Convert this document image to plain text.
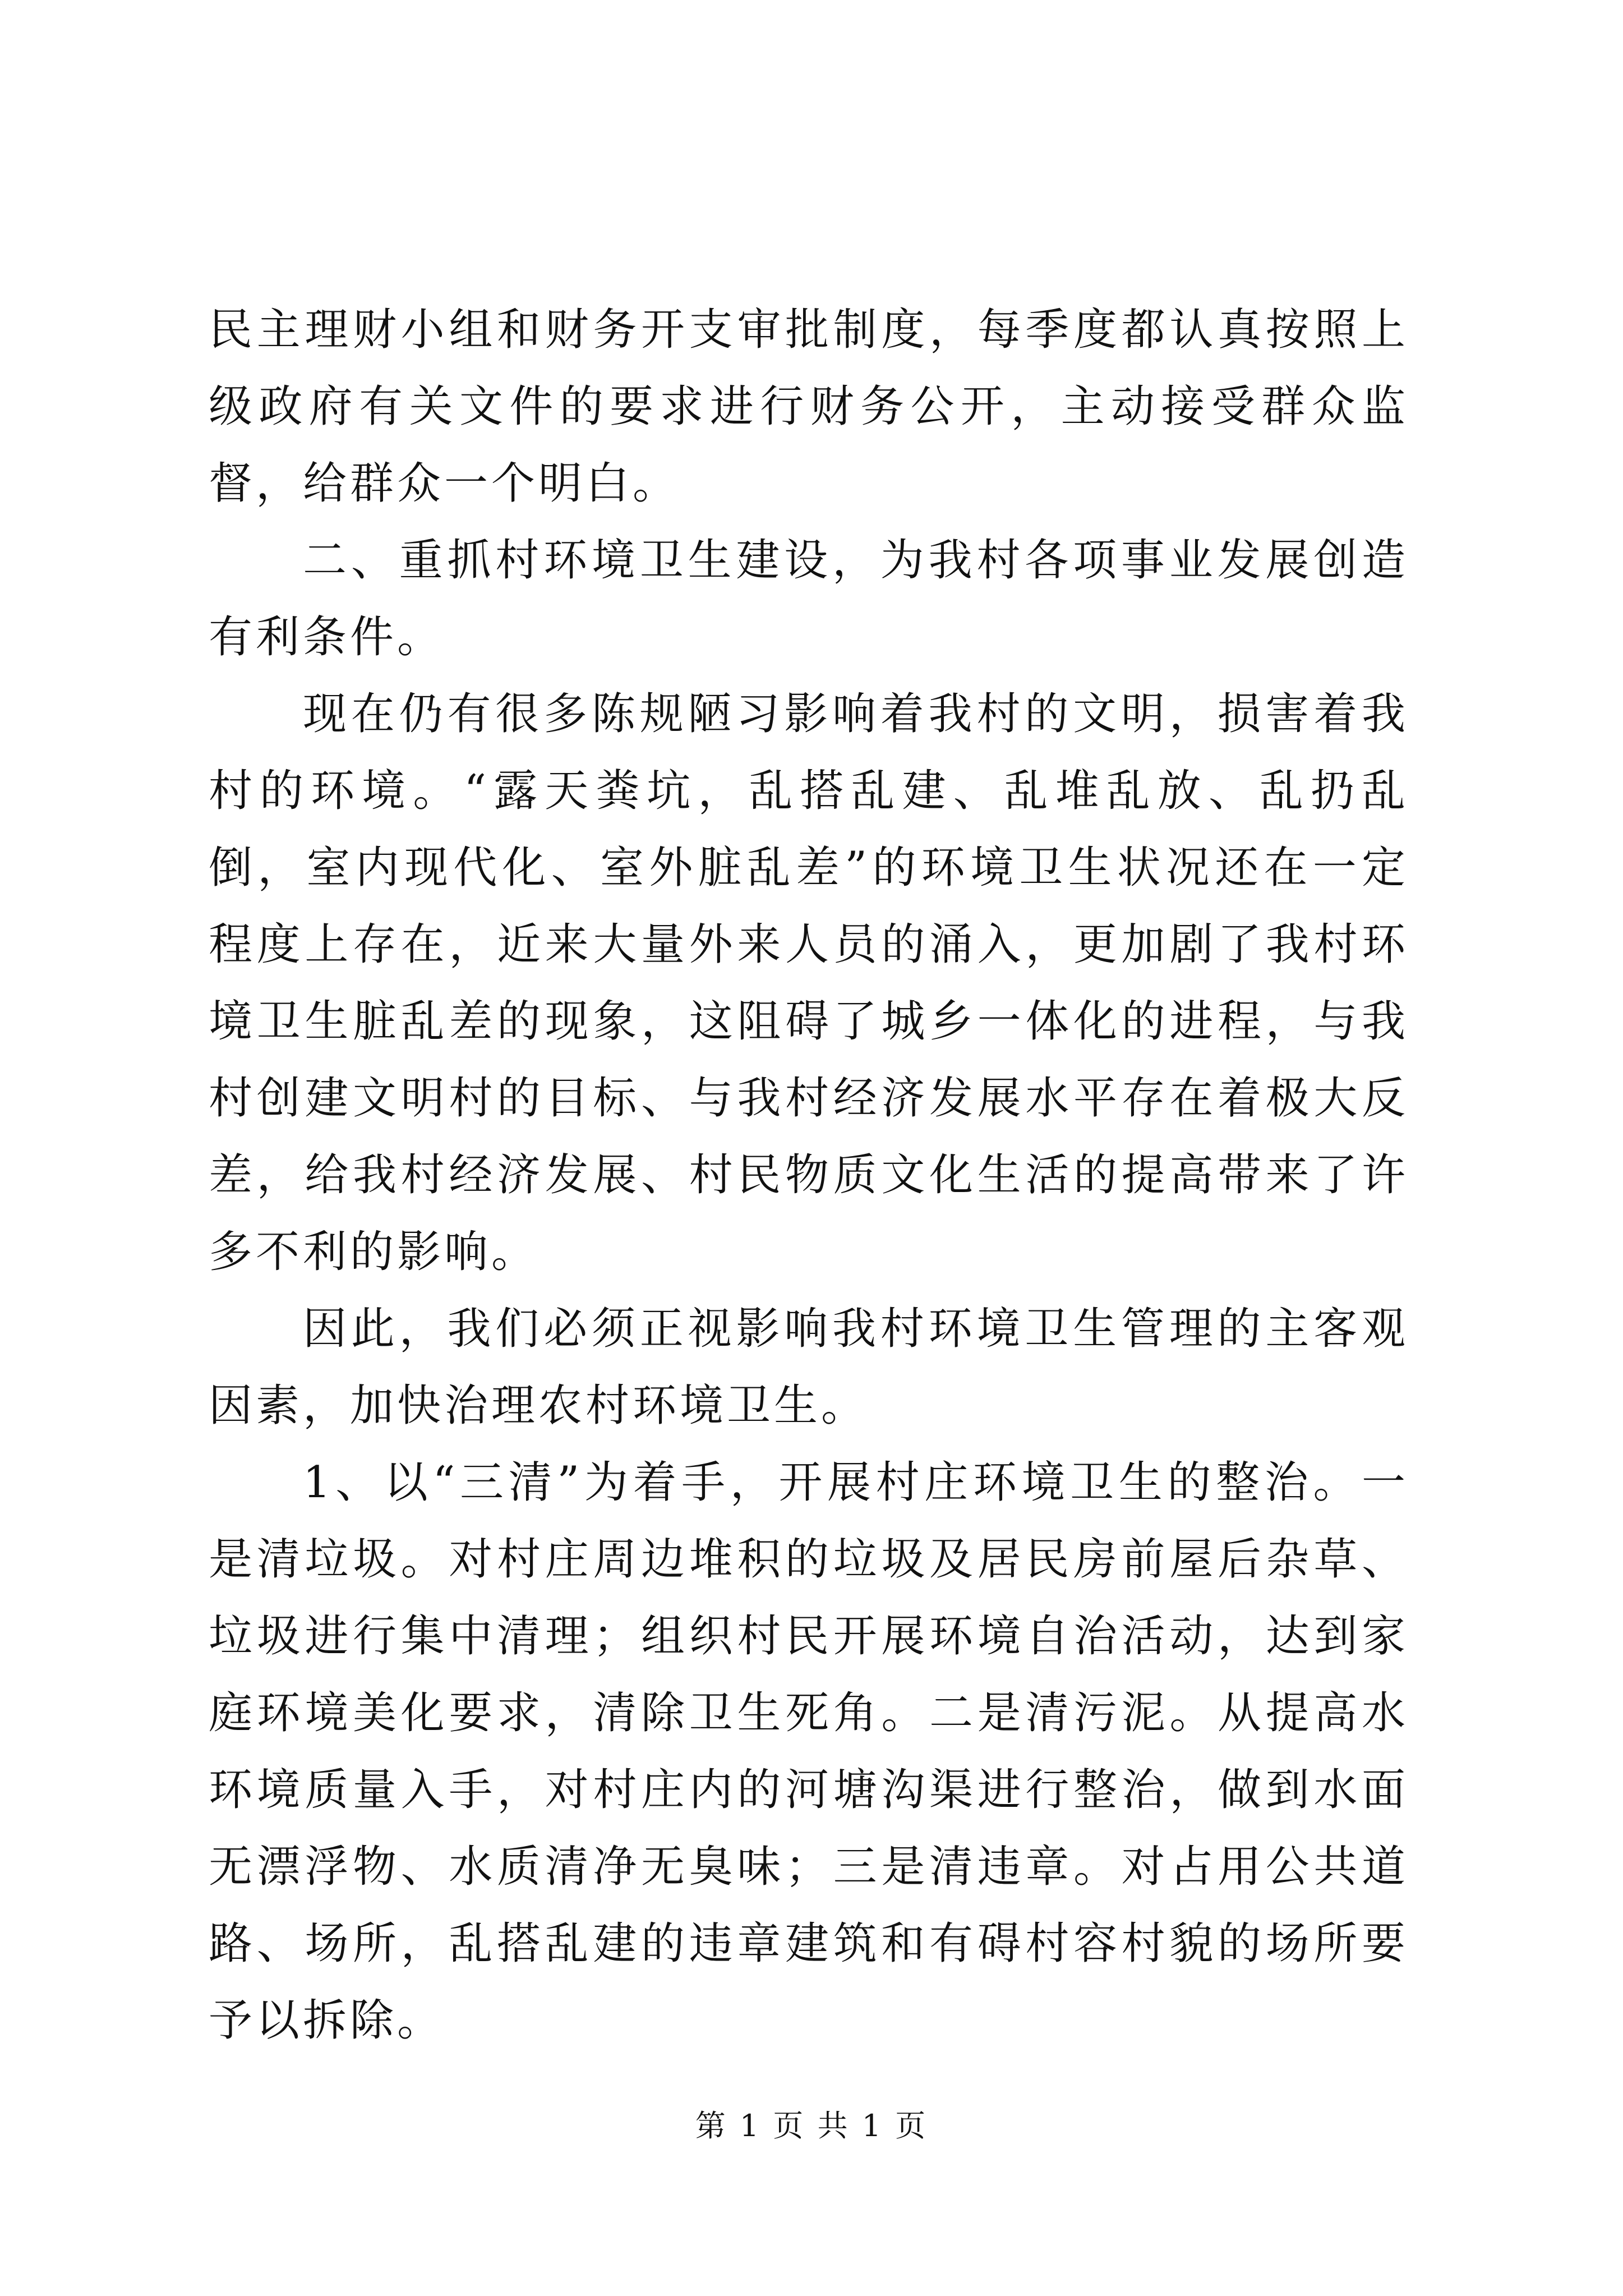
民主理财小组和财务开支审批制度，每季度都认真按照上级政府有关文件的要求进行财务公开，主动接受群众监督，给群众一个明白。

二、重抓村环境卫生建设，为我村各项事业发展创造有利条件。

现在仍有很多陈规陋习影响着我村的文明，损害着我村的环境。“露天粪坑，乱搭乱建、乱堆乱放、乱扔乱倒，室内现代化、室外脏乱差”的环境卫生状况还在一定程度上存在，近来大量外来人员的涌入，更加剧了我村环境卫生脏乱差的现象，这阻碍了城乡一体化的进程，与我村创建文明村的目标、与我村经济发展水平存在着极大反差，给我村经济发展、村民物质文化生活的提高带来了许多不利的影响。

因此，我们必须正视影响我村环境卫生管理的主客观因素，加快治理农村环境卫生。

1、以“三清”为着手，开展村庄环境卫生的整治。一是清垃圾。对村庄周边堆积的垃圾及居民房前屋后杂草、垃圾进行集中清理；组织村民开展环境自治活动，达到家庭环境美化要求，清除卫生死角。二是清污泥。从提高水环境质量入手，对村庄内的河塘沟渠进行整治，做到水面无漂浮物、水质清净无臭味；三是清违章。对占用公共道路、场所，乱搭乱建的违章建筑和有碍村容村貌的场所要予以拆除。

第 1 页 共 1 页
